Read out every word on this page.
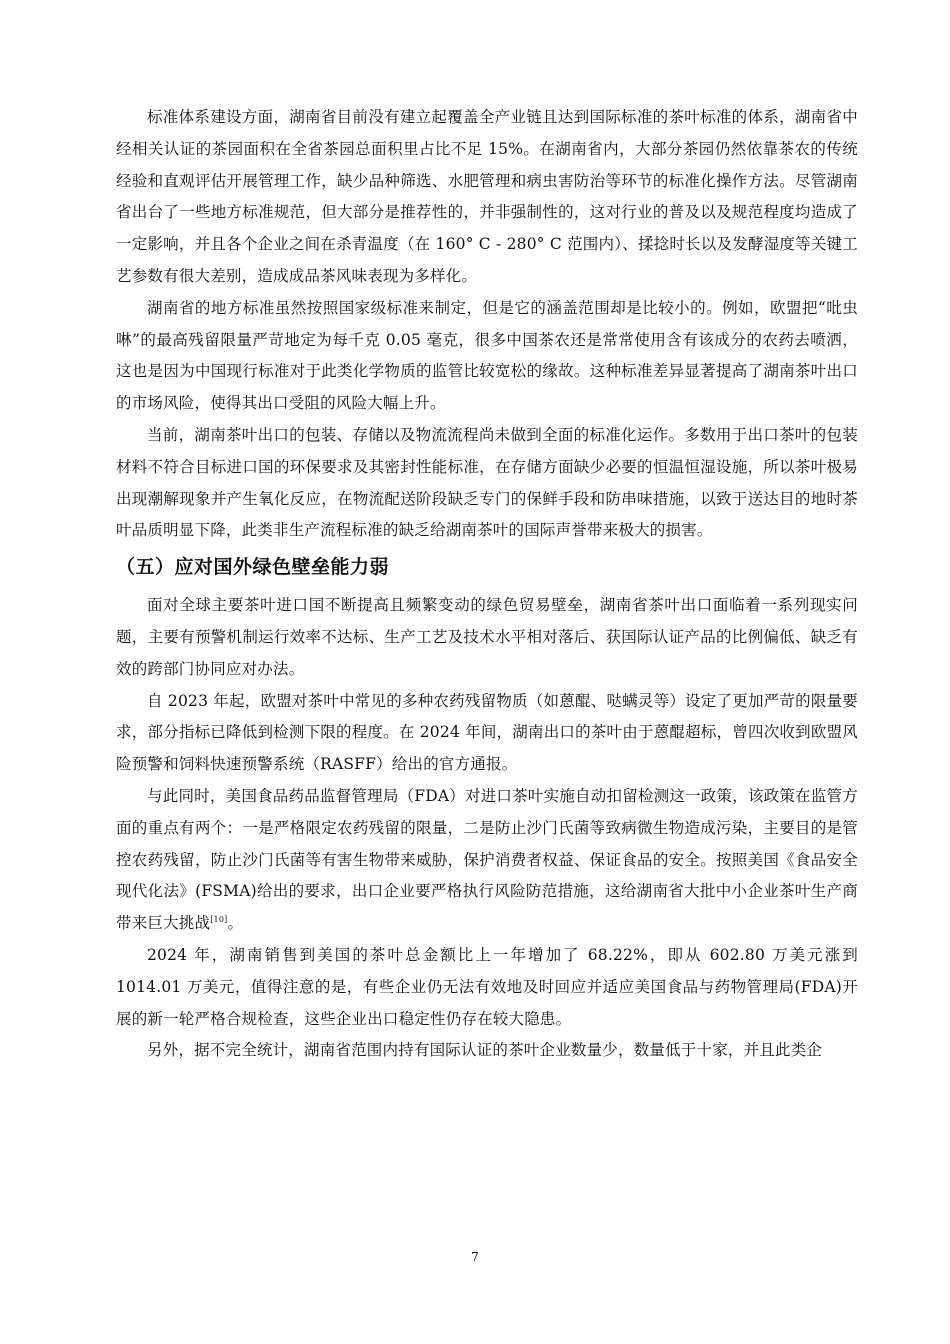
标准体系建设方面，湖南省目前没有建立起覆盖全产业链且达到国际标准的茶叶标准的体系，湖南省中经相关认证的茶园面积在全省茶园总面积里占比不足 15%。在湖南省内，大部分茶园仍然依靠茶农的传统经验和直观评估开展管理工作，缺少品种筛选、水肥管理和病虫害防治等环节的标准化操作方法。尽管湖南省出台了一些地方标准规范，但大部分是推荐性的，并非强制性的，这对行业的普及以及规范程度均造成了一定影响，并且各个企业之间在杀青温度（在 160° C - 280° C 范围内）、揉捻时长以及发酵湿度等关键工艺参数有很大差别，造成成品茶风味表现为多样化。

湖南省的地方标准虽然按照国家级标准来制定，但是它的涵盖范围却是比较小的。例如，欧盟把“吡虫啉”的最高残留限量严苛地定为每千克 0.05 毫克，很多中国茶农还是常常使用含有该成分的农药去喷洒，这也是因为中国现行标准对于此类化学物质的监管比较宽松的缘故。这种标准差异显著提高了湖南茶叶出口的市场风险，使得其出口受阻的风险大幅上升。

当前，湖南茶叶出口的包装、存储以及物流流程尚未做到全面的标准化运作。多数用于出口茶叶的包装材料不符合目标进口国的环保要求及其密封性能标准，在存储方面缺少必要的恒温恒湿设施，所以茶叶极易出现潮解现象并产生氧化反应，在物流配送阶段缺乏专门的保鲜手段和防串味措施，以致于送达目的地时茶叶品质明显下降，此类非生产流程标准的缺乏给湖南茶叶的国际声誉带来极大的损害。

（五）应对国外绿色壁垒能力弱

面对全球主要茶叶进口国不断提高且频繁变动的绿色贸易壁垒，湖南省茶叶出口面临着一系列现实问题，主要有预警机制运行效率不达标、生产工艺及技术水平相对落后、获国际认证产品的比例偏低、缺乏有效的跨部门协同应对办法。

自 2023 年起，欧盟对茶叶中常见的多种农药残留物质（如蒽醌、哒螨灵等）设定了更加严苛的限量要求，部分指标已降低到检测下限的程度。在 2024 年间，湖南出口的茶叶由于蒽醌超标，曾四次收到欧盟风险预警和饲料快速预警系统（RASFF）给出的官方通报。

与此同时，美国食品药品监督管理局（FDA）对进口茶叶实施自动扣留检测这一政策，该政策在监管方面的重点有两个：一是严格限定农药残留的限量，二是防止沙门氏菌等致病微生物造成污染，主要目的是管控农药残留，防止沙门氏菌等有害生物带来威胁，保护消费者权益、保证食品的安全。按照美国《食品安全现代化法》(FSMA)给出的要求，出口企业要严格执行风险防范措施，这给湖南省大批中小企业茶叶生产商带来巨大挑战[10]。

2024 年，湖南销售到美国的茶叶总金额比上一年增加了 68.22%，即从 602.80 万美元涨到 1014.01 万美元，值得注意的是，有些企业仍无法有效地及时回应并适应美国食品与药物管理局(FDA)开展的新一轮严格合规检查，这些企业出口稳定性仍存在较大隐患。

另外，据不完全统计，湖南省范围内持有国际认证的茶叶企业数量少，数量低于十家，并且此类企

7
